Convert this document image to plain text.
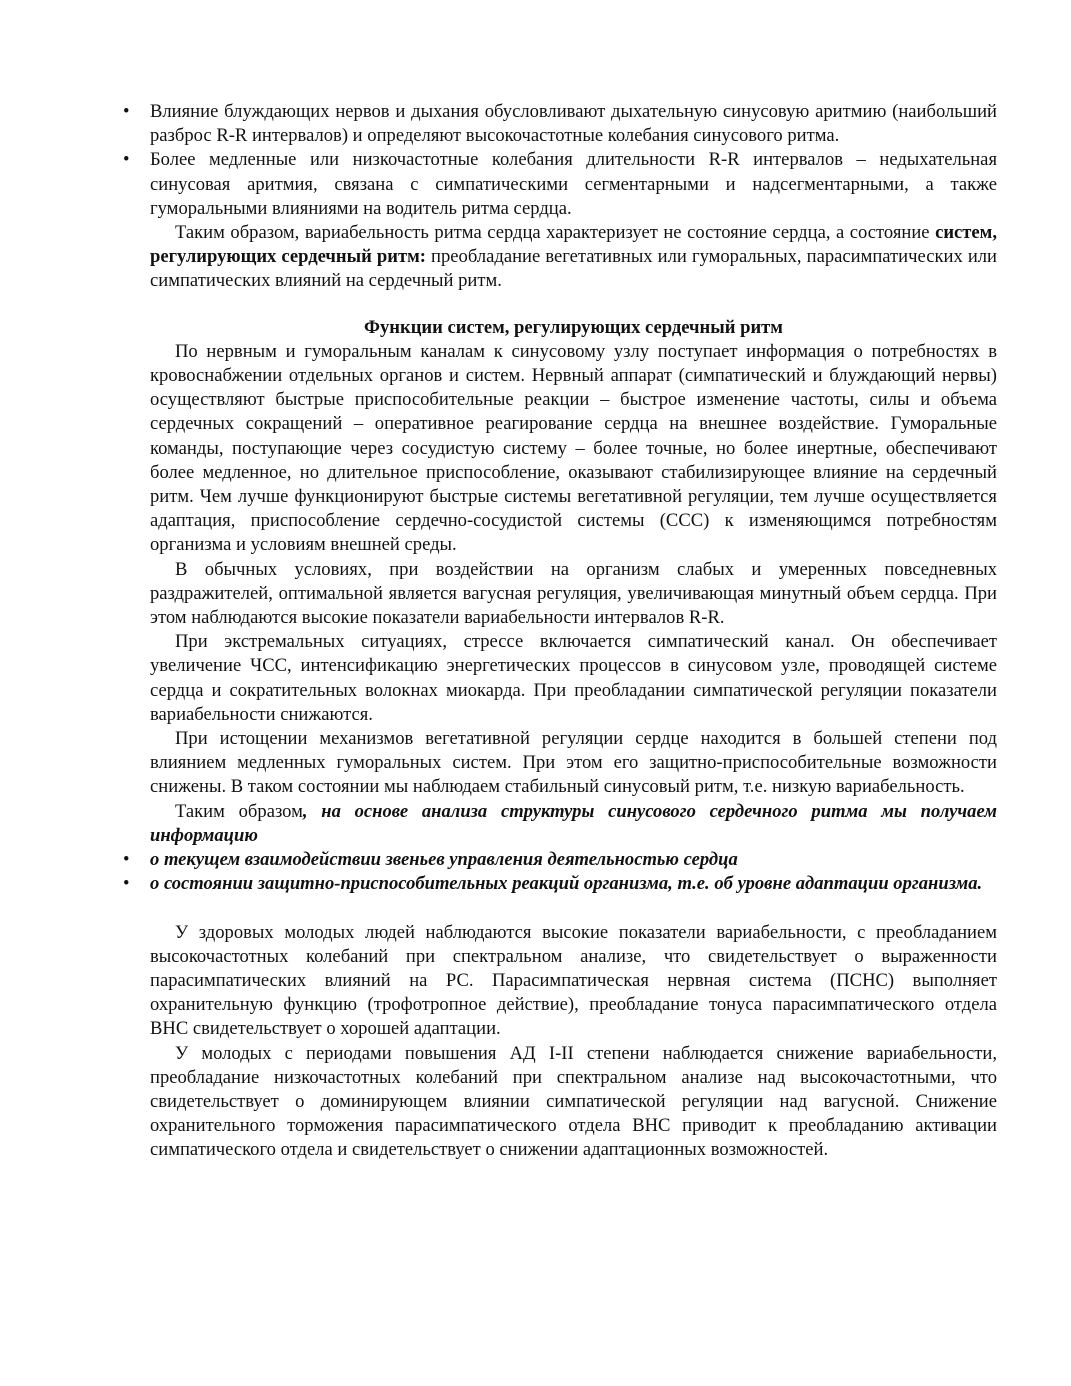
• Влияние блуждающих нервов и дыхания обусловливают дыхательную синусовую аритмию (наибольший разброс R-R интервалов) и определяют высокочастотные колебания синусового ритма.
• Более медленные или низкочастотные колебания длительности R-R интервалов – недыхательная синусовая аритмия, связана с симпатическими сегментарными и надсегментарными, а также гуморальными влияниями на водитель ритма сердца.

Таким образом, вариабельность ритма сердца характеризует не состояние сердца, а состояние систем, регулирующих сердечный ритм: преобладание вегетативных или гуморальных, парасимпатических или симпатических влияний на сердечный ритм.

Функции систем, регулирующих сердечный ритм

По нервным и гуморальным каналам к синусовому узлу поступает информация о потребностях в кровоснабжении отдельных органов и систем. Нервный аппарат (симпатический и блуждающий нервы) осуществляют быстрые приспособительные реакции – быстрое изменение частоты, силы и объема сердечных сокращений – оперативное реагирование сердца на внешнее воздействие. Гуморальные команды, поступающие через сосудистую систему – более точные, но более инертные, обеспечивают более медленное, но длительное приспособление, оказывают стабилизирующее влияние на сердечный ритм. Чем лучше функционируют быстрые системы вегетативной регуляции, тем лучше осуществляется адаптация, приспособление сердечно-сосудистой системы (ССС) к изменяющимся потребностям организма и условиям внешней среды.

В обычных условиях, при воздействии на организм слабых и умеренных повседневных раздражителей, оптимальной является вагусная регуляция, увеличивающая минутный объем сердца. При этом наблюдаются высокие показатели вариабельности интервалов R-R.

При экстремальных ситуациях, стрессе включается симпатический канал. Он обеспечивает увеличение ЧСС, интенсификацию энергетических процессов в синусовом узле, проводящей системе сердца и сократительных волокнах миокарда. При преобладании симпатической регуляции показатели вариабельности снижаются.

При истощении механизмов вегетативной регуляции сердце находится в большей степени под влиянием медленных гуморальных систем. При этом его защитно-приспособительные возможности снижены. В таком состоянии мы наблюдаем стабильный синусовый ритм, т.е. низкую вариабельность.

Таким образом, на основе анализа структуры синусового сердечного ритма мы получаем информацию

• о текущем взаимодействии звеньев управления деятельностью сердца
• о состоянии защитно-приспособительных реакций организма, т.е. об уровне адаптации организма.

У здоровых молодых людей наблюдаются высокие показатели вариабельности, с преобладанием высокочастотных колебаний при спектральном анализе, что свидетельствует о выраженности парасимпатических влияний на РС. Парасимпатическая нервная система (ПСНС) выполняет охранительную функцию (трофотропное действие), преобладание тонуса парасимпатического отдела ВНС свидетельствует о хорошей адаптации.

У молодых с периодами повышения АД I-II степени наблюдается снижение вариабельности, преобладание низкочастотных колебаний при спектральном анализе над высокочастотными, что свидетельствует о доминирующем влиянии симпатической регуляции над вагусной. Снижение охранительного торможения парасимпатического отдела ВНС приводит к преобладанию активации симпатического отдела и свидетельствует о снижении адаптационных возможностей.
